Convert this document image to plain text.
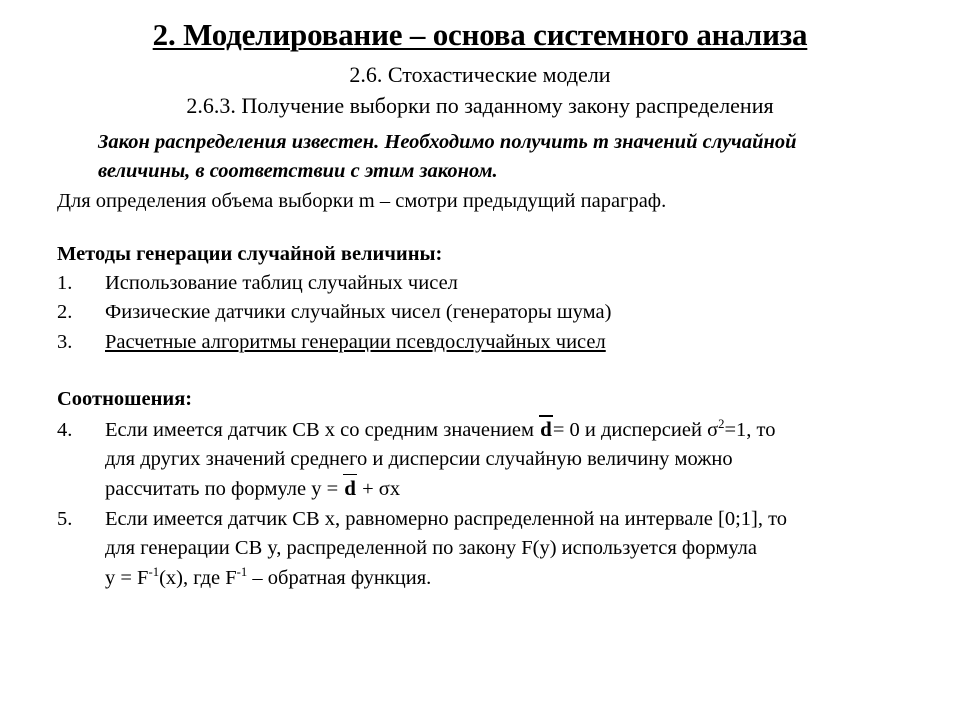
2. Моделирование – основа системного анализа
2.6. Стохастические модели
2.6.3. Получение выборки по заданному закону распределения
Закон распределения известен. Необходимо получить m значений случайной величины, в соответствии с этим законом.
Для определения объема выборки m – смотри предыдущий параграф.
Методы генерации случайной величины:
1. Использование таблиц случайных чисел
2. Физические датчики случайных чисел (генераторы шума)
3. Расчетные алгоритмы генерации псевдослучайных чисел
Соотношения:
4. Если имеется датчик СВ х со средним значением d= 0 и дисперсией $\sigma^2=1$, то
для других значений среднего и дисперсии случайную величину можно
рассчитать по формуле y = d + σх
5. Если имеется датчик СВ х, равномерно распределенной на интервале [0;1], то
для генерации СВ y, распределенной по закону F(y) используется формула
$y = F^{-1}(x)$, где $F^{-1}$ – обратная функция.
